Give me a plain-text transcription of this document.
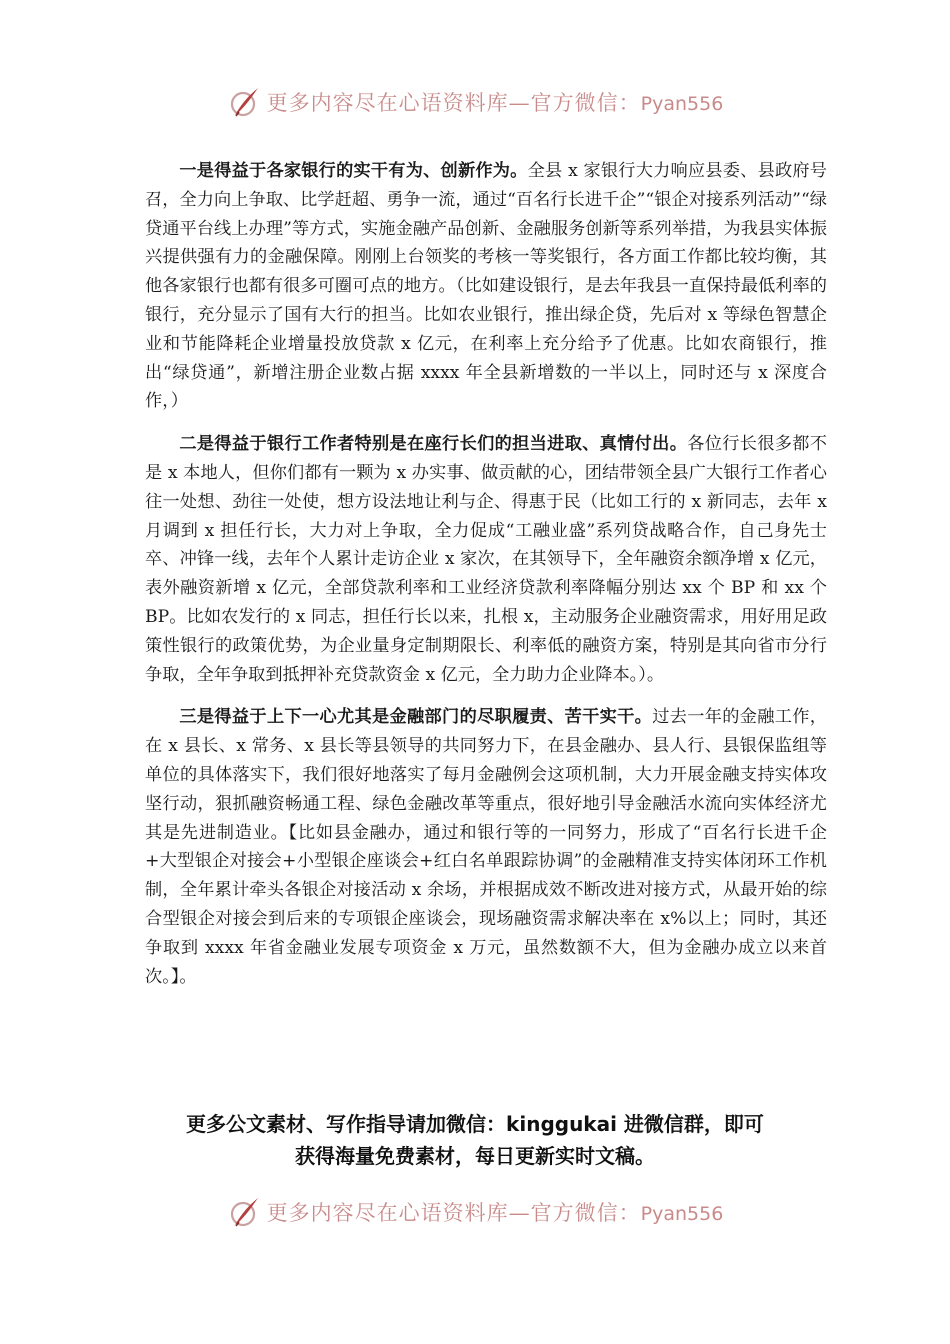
更多内容尽在心语资料库—官方微信：Pyan556

一是得益于各家银行的实干有为、创新作为。全县 x 家银行大力响应县委、县政府号召，全力向上争取、比学赶超、勇争一流，通过“百名行长进千企”“银企对接系列活动”“绿贷通平台线上办理”等方式，实施金融产品创新、金融服务创新等系列举措，为我县实体振兴提供强有力的金融保障。刚刚上台领奖的考核一等奖银行，各方面工作都比较均衡，其他各家银行也都有很多可圈可点的地方。（比如建设银行，是去年我县一直保持最低利率的银行，充分显示了国有大行的担当。比如农业银行，推出绿企贷，先后对 x 等绿色智慧企业和节能降耗企业增量投放贷款 x 亿元，在利率上充分给予了优惠。比如农商银行，推出“绿贷通”，新增注册企业数占据 xxxx 年全县新增数的一半以上，同时还与 x 深度合作，）

二是得益于银行工作者特别是在座行长们的担当进取、真情付出。各位行长很多都不是 x 本地人，但你们都有一颗为 x 办实事、做贡献的心，团结带领全县广大银行工作者心往一处想、劲往一处使，想方设法地让利与企、得惠于民（比如工行的 x 新同志，去年 x 月调到 x 担任行长，大力对上争取，全力促成“工融业盛”系列贷战略合作，自己身先士卒、冲锋一线，去年个人累计走访企业 x 家次，在其领导下，全年融资余额净增 x 亿元，表外融资新增 x 亿元，全部贷款利率和工业经济贷款利率降幅分别达 xx 个 BP 和 xx 个 BP。比如农发行的 x 同志，担任行长以来，扎根 x，主动服务企业融资需求，用好用足政策性银行的政策优势，为企业量身定制期限长、利率低的融资方案，特别是其向省市分行争取，全年争取到抵押补充贷款资金 x 亿元，全力助力企业降本。）。

三是得益于上下一心尤其是金融部门的尽职履责、苦干实干。过去一年的金融工作，在 x 县长、x 常务、x 县长等县领导的共同努力下，在县金融办、县人行、县银保监组等单位的具体落实下，我们很好地落实了每月金融例会这项机制，大力开展金融支持实体攻坚行动，狠抓融资畅通工程、绿色金融改革等重点，很好地引导金融活水流向实体经济尤其是先进制造业。【比如县金融办，通过和银行等的一同努力，形成了“百名行长进千企+大型银企对接会+小型银企座谈会+红白名单跟踪协调”的金融精准支持实体闭环工作机制，全年累计牵头各银企对接活动 x 余场，并根据成效不断改进对接方式，从最开始的综合型银企对接会到后来的专项银企座谈会，现场融资需求解决率在 x%以上；同时，其还争取到 xxxx 年省金融业发展专项资金 x 万元，虽然数额不大，但为金融办成立以来首次。】。

更多公文素材、写作指导请加微信：kinggukai 进微信群，即可
获得海量免费素材，每日更新实时文稿。
更多内容尽在心语资料库—官方微信：Pyan556
